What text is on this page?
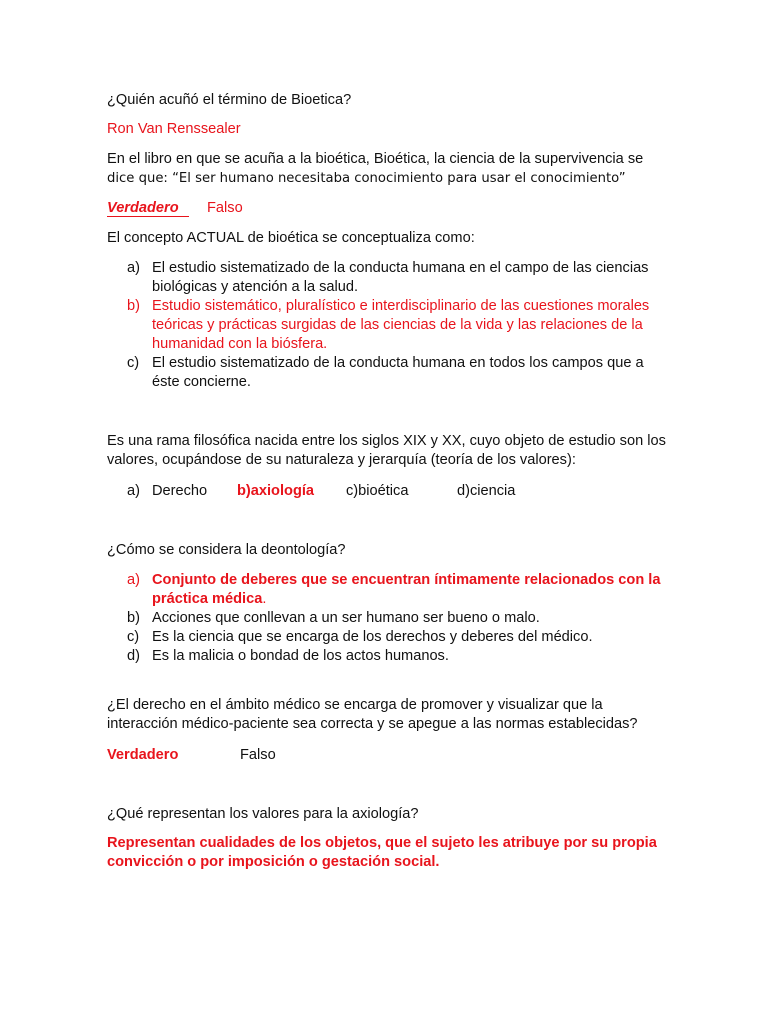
¿Quién acuñó el término de Bioetica?

Ron Van Renssealer

En el libro en que se acuña a la bioética, Bioética, la ciencia de la supervivencia se
dice que: “El ser humano necesitaba conocimiento para usar el conocimiento”

Verdadero	Falso

El concepto ACTUAL de bioética se conceptualiza como:

a) El estudio sistematizado de la conducta humana en el campo de las ciencias biológicas y atención a la salud.
b) Estudio sistemático, pluralístico e interdisciplinario de las cuestiones morales teóricas y prácticas surgidas de las ciencias de la vida y las relaciones de la humanidad con la biósfera.
c) El estudio sistematizado de la conducta humana en todos los campos que a éste concierne.

Es una rama filosófica nacida entre los siglos XIX y XX, cuyo objeto de estudio son los valores, ocupándose de su naturaleza y jerarquía (teoría de los valores):

a) Derecho b)axiología c)bioética	d)ciencia

¿Cómo se considera la deontología?

a) Conjunto de deberes que se encuentran íntimamente relacionados con la práctica médica.
b) Acciones que conllevan a un ser humano ser bueno o malo.
c) Es la ciencia que se encarga de los derechos y deberes del médico.
d) Es la malicia o bondad de los actos humanos.

¿El derecho en el ámbito médico se encarga de promover y visualizar que la interacción médico-paciente sea correcta y se apegue a las normas establecidas?

Verdadero	Falso

¿Qué representan los valores para la axiología?

Representan cualidades de los objetos, que el sujeto les atribuye por su propia convicción o por imposición o gestación social.
